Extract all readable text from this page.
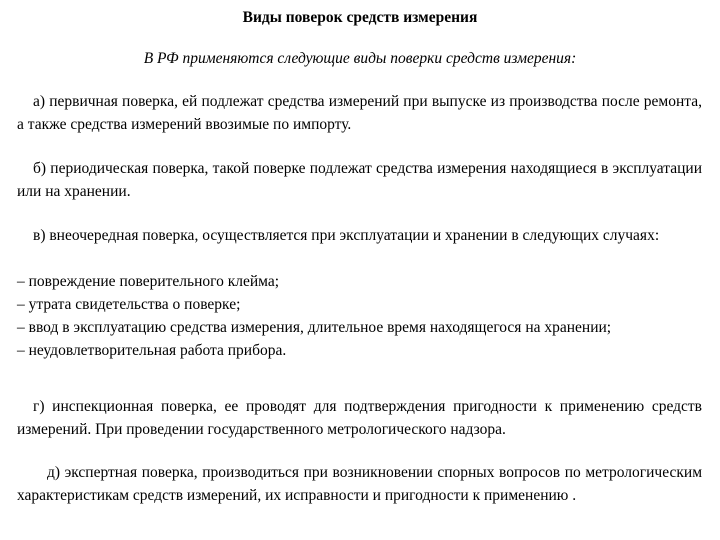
Виды поверок средств измерения

В РФ применяются следующие виды поверки средств измерения:

а) первичная поверка, ей подлежат средства измерений при выпуске из производства после ремонта, а также средства измерений ввозимые по импорту.

б) периодическая поверка, такой поверке подлежат средства измерения находящиеся в эксплуатации или на хранении.

в) внеочередная поверка, осуществляется при эксплуатации и хранении в следующих случаях:

– повреждение поверительного клейма;
– утрата свидетельства о поверке;
– ввод в эксплуатацию средства измерения, длительное время находящегося на хранении;
– неудовлетворительная работа прибора.

г) инспекционная поверка, ее проводят для подтверждения пригодности к применению средств измерений. При проведении государственного метрологического надзора.

д) экспертная поверка, производиться при возникновении спорных вопросов по метрологическим характеристикам средств измерений, их исправности и пригодности к применению .
